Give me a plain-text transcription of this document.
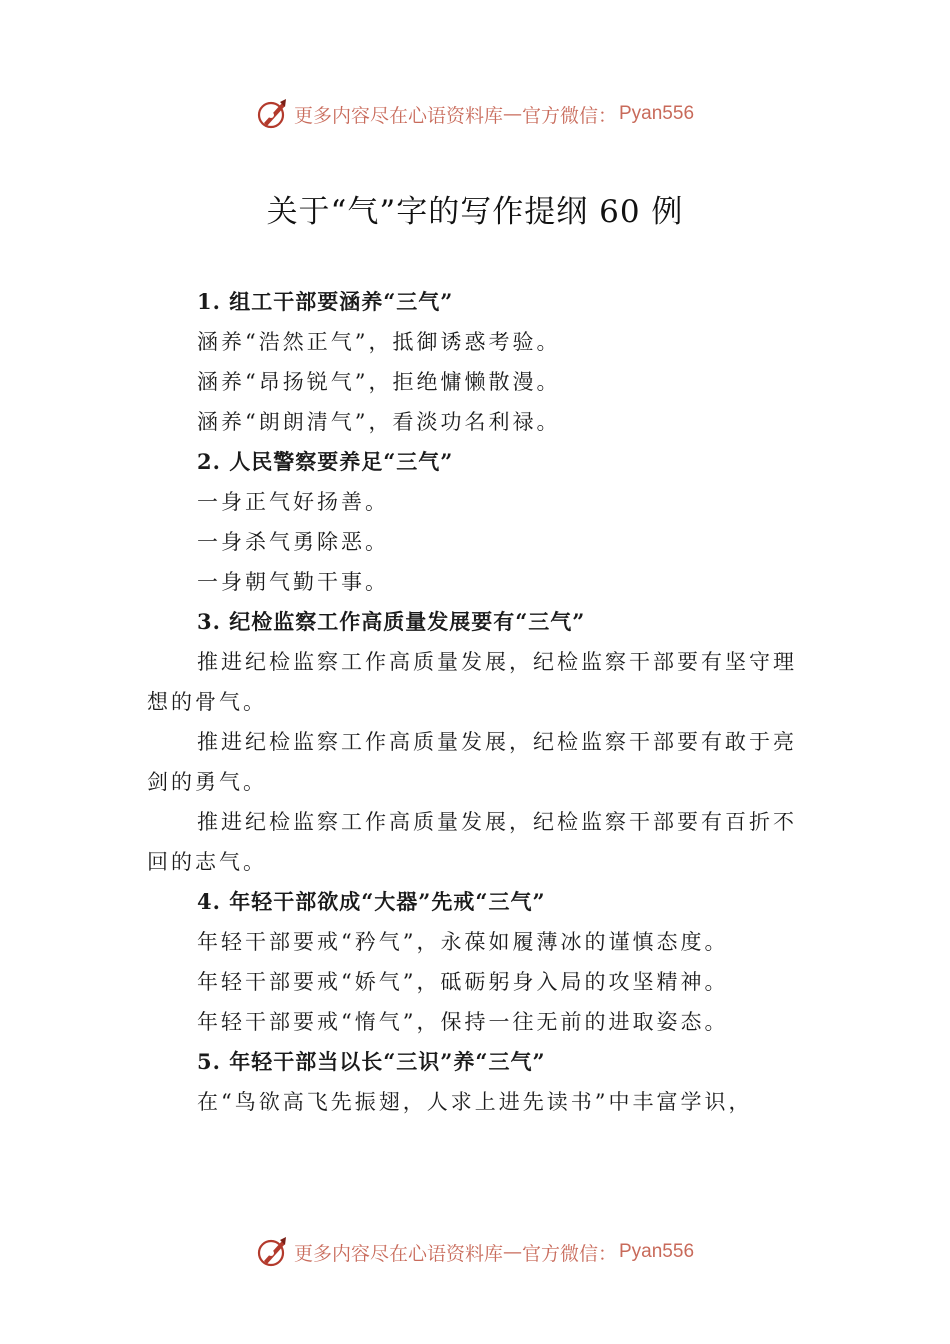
更多内容尽在心语资料库 — 官方微信： Pyan556
关于“气”字的写作提纲 60 例

1. 组工干部要涵养“三气”

涵养“浩然正气”，抵御诱惑考验。

涵养“昂扬锐气”，拒绝慵懒散漫。

涵养“朗朗清气”，看淡功名利禄。

2. 人民警察要养足“三气”

一身正气好扬善。

一身杀气勇除恶。

一身朝气勤干事。

3. 纪检监察工作高质量发展要有“三气”

推进纪检监察工作高质量发展，纪检监察干部要有坚守理想的骨气。

推进纪检监察工作高质量发展，纪检监察干部要有敢于亮剑的勇气。

推进纪检监察工作高质量发展，纪检监察干部要有百折不回的志气。

4. 年轻干部欲成“大器”先戒“三气”

年轻干部要戒“矜气”，永葆如履薄冰的谨慎态度。

年轻干部要戒“娇气”，砥砺躬身入局的攻坚精神。

年轻干部要戒“惰气”，保持一往无前的进取姿态。

5. 年轻干部当以长“三识”养“三气”

在“鸟欲高飞先振翅，人求上进先读书”中丰富学识，

更多内容尽在心语资料库 — 官方微信： Pyan556
